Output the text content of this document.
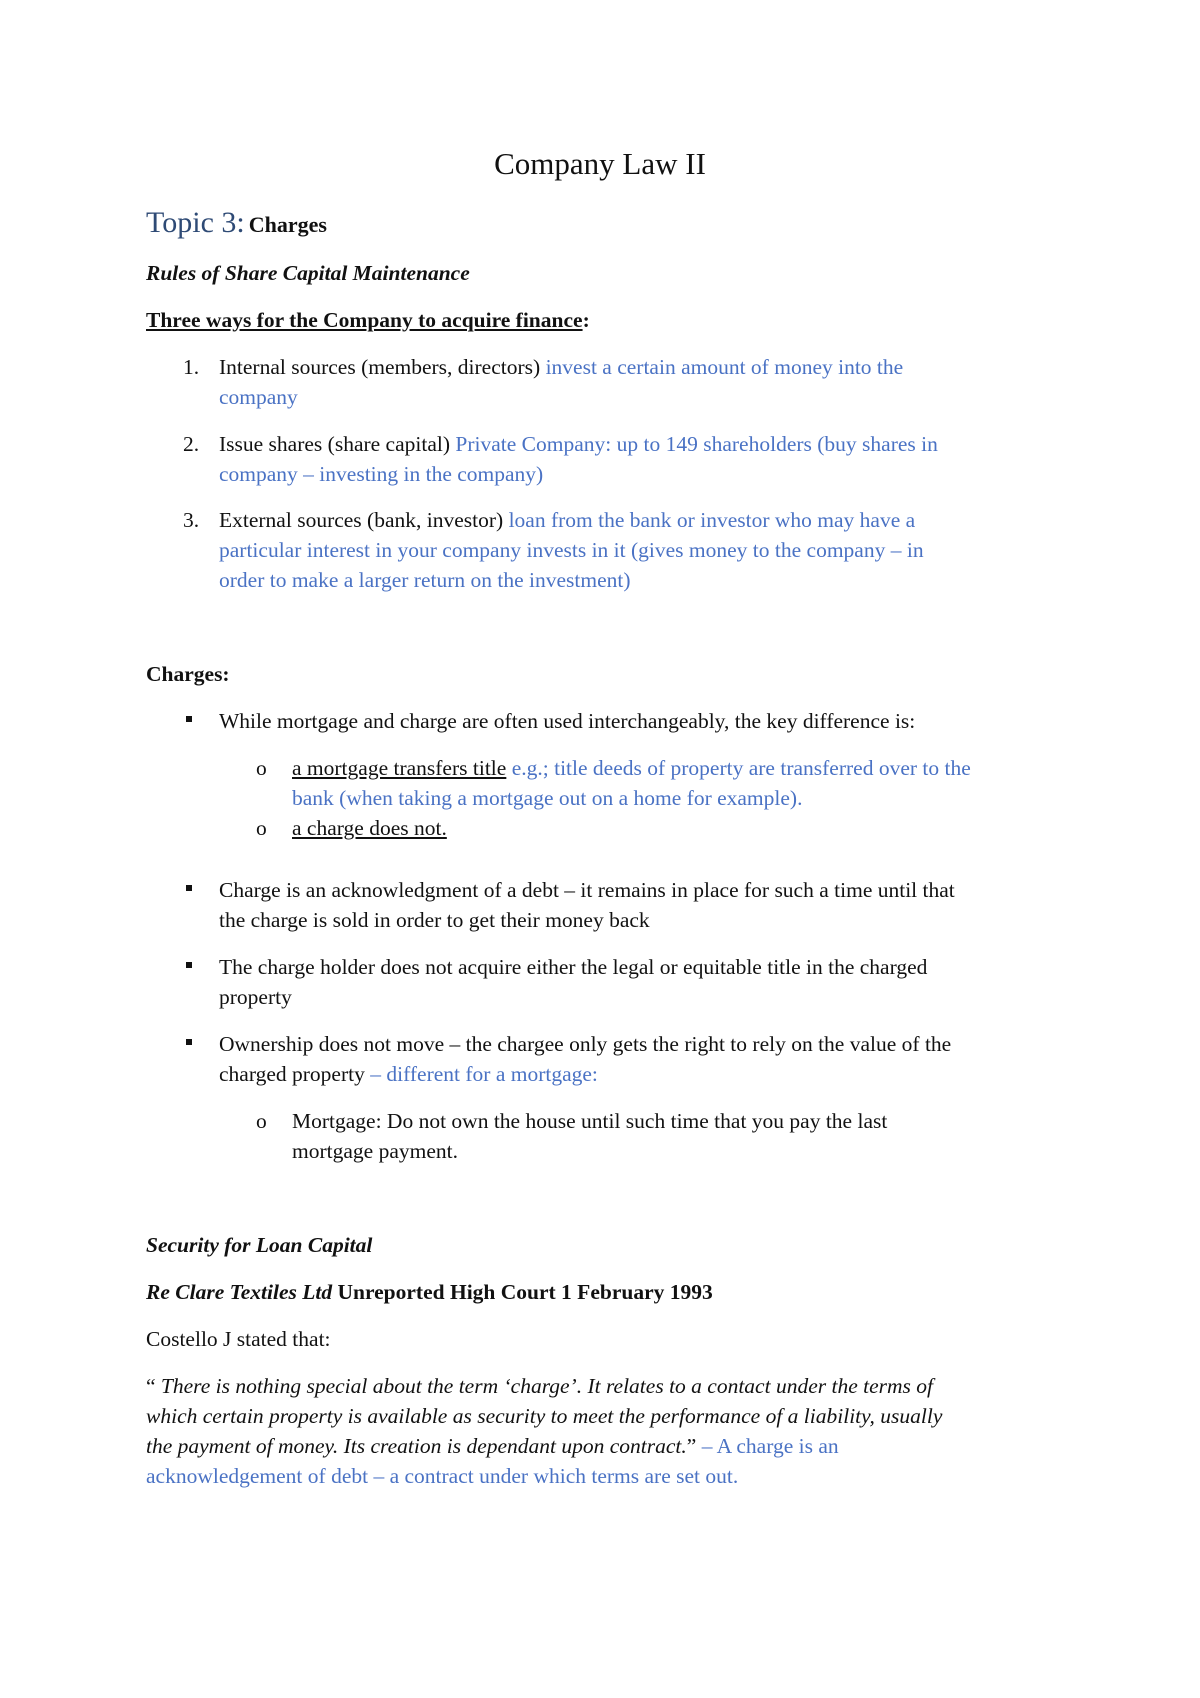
Company Law II
Topic 3: Charges
Rules of Share Capital Maintenance
Three ways for the Company to acquire finance:
1. Internal sources (members, directors) invest a certain amount of money into the
company
2. Issue shares (share capital) Private Company: up to 149 shareholders (buy shares in
company – investing in the company)
3. External sources (bank, investor) loan from the bank or investor who may have a
particular interest in your company invests in it (gives money to the company – in
order to make a larger return on the investment)
Charges:
While mortgage and charge are often used interchangeably, the key difference is:
o a mortgage transfers title e.g.; title deeds of property are transferred over to the
bank (when taking a mortgage out on a home for example).
o a charge does not.
Charge is an acknowledgment of a debt – it remains in place for such a time until that
the charge is sold in order to get their money back
The charge holder does not acquire either the legal or equitable title in the charged
property
Ownership does not move – the chargee only gets the right to rely on the value of the
charged property – different for a mortgage:
o Mortgage: Do not own the house until such time that you pay the last
mortgage payment.
Security for Loan Capital
Re Clare Textiles Ltd Unreported High Court 1 February 1993
Costello J stated that:
“ There is nothing special about the term ‘charge’. It relates to a contact under the terms of
which certain property is available as security to meet the performance of a liability, usually
the payment of money. Its creation is dependant upon contract.” – A charge is an
acknowledgement of debt – a contract under which terms are set out.
